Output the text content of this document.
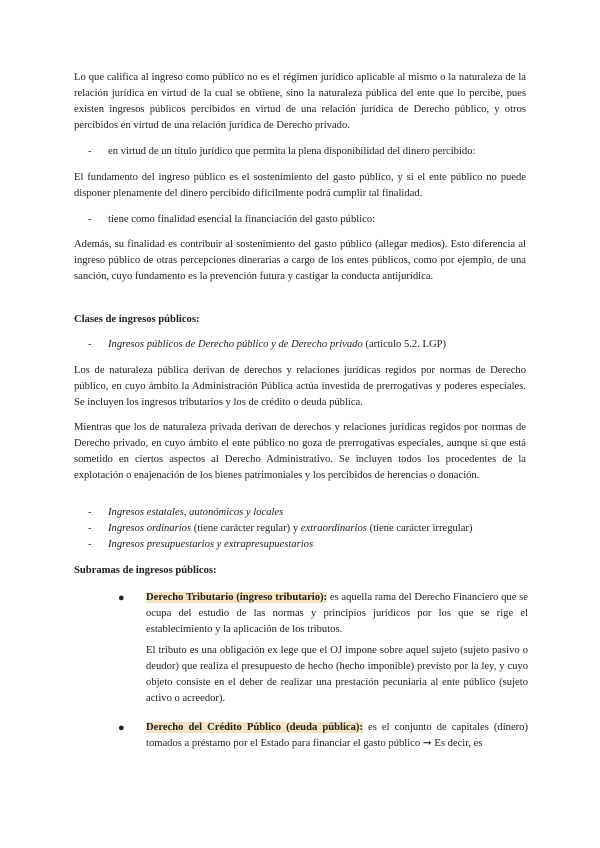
Lo que califica al ingreso como público no es el régimen jurídico aplicable al mismo o la naturaleza de la relación jurídica en virtud de la cual se obtiene, sino la naturaleza pública del ente que lo percibe, pues existen ingresos públicos percibidos en virtud de una relación jurídica de Derecho público, y otros percibidos en virtud de una relación jurídica de Derecho privado.

- en virtud de un título jurídico que permita la plena disponibilidad del dinero percibido:

El fundamento del ingreso público es el sostenimiento del gasto público, y si el ente público no puede disponer plenamente del dinero percibido difícilmente podrá cumplir tal finalidad.

- tiene como finalidad esencial la financiación del gasto público:

Además, su finalidad es contribuir al sostenimiento del gasto público (allegar medios). Esto diferencia al ingreso público de otras percepciones dinerarias a cargo de los entes públicos, como por ejemplo, de una sanción, cuyo fundamento es la prevención futura y castigar la conducta antijurídica.

Clases de ingresos públicos:

- Ingresos públicos de Derecho público y de Derecho privado (artículo 5.2. LGP)

Los de naturaleza pública derivan de derechos y relaciones jurídicas regidos por normas de Derecho público, en cuyo ámbito la Administración Pública actúa investida de prerrogativas y poderes especiales. Se incluyen los ingresos tributarios y los de crédito o deuda pública.

Mientras que los de naturaleza privada derivan de derechos y relaciones jurídicas regidos por normas de Derecho privado, en cuyo ámbito el ente público no goza de prerrogativas especiales, aunque sí que está sometido en ciertos aspectos al Derecho Administrativo. Se incluyen todos los procedentes de la explotación o enajenación de los bienes patrimoniales y los percibidos de herencias o donación.

- Ingresos estatales, autonómicos y locales

- Ingresos ordinarios (tiene carácter regular) y extraordinarios (tiene carácter irregular)

- Ingresos presupuestarios y extrapresupuestarios

Subramas de ingresos públicos:

●	Derecho Tributario (ingreso tributario): es aquella rama del Derecho Financiero que se ocupa del estudio de las normas y principios jurídicos por los que se rige el establecimiento y la aplicación de los tributos.

El tributo es una obligación ex lege que el OJ impone sobre aquel sujeto (sujeto pasivo o deudor) que realiza el presupuesto de hecho (hecho imponible) previsto por la ley, y cuyo objeto consiste en el deber de realizar una prestación pecuniaria al ente público (sujeto activo o acreedor).

●	Derecho del Crédito Público (deuda pública): es el conjunto de capitales (dinero) tomados a préstamo por el Estado para financiar el gasto público ➞ Es decir, es
